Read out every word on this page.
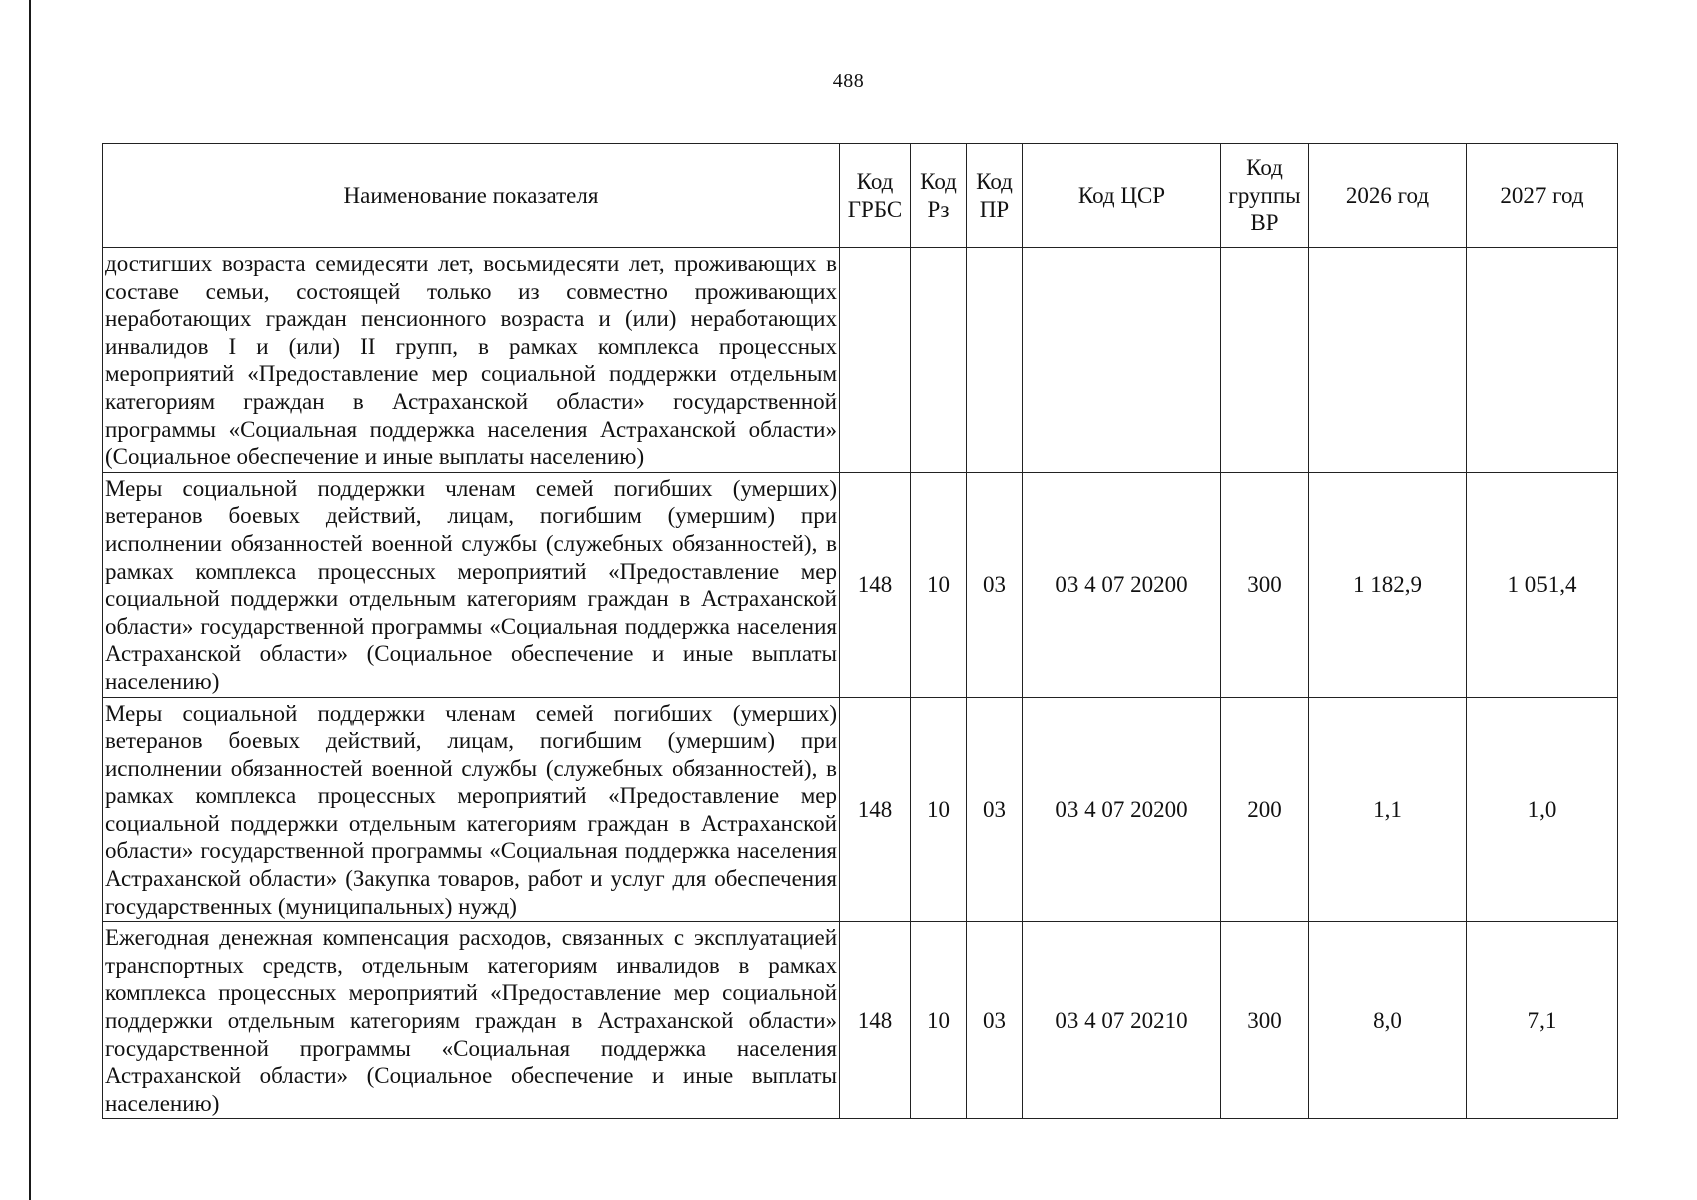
488
Наименование показателя	Код ГРБС	Код Рз	Код ПР	Код ЦСР	Код группы ВР	2026 год	2027 год
достигших возраста семидесяти лет, восьмидесяти лет, проживающих в составе семьи, состоящей только из совместно проживающих неработающих граждан пенсионного возраста и (или) неработающих инвалидов I и (или) II групп, в рамках комплекса процессных мероприятий «Предоставление мер социальной поддержки отдельным категориям граждан в Астраханской области» государственной программы «Социальная поддержка населения Астраханской области» (Социальное обеспечение и иные выплаты населению)							
Меры социальной поддержки членам семей погибших (умерших) ветеранов боевых действий, лицам, погибшим (умершим) при исполнении обязанностей военной службы (служебных обязанностей), в рамках комплекса процессных мероприятий «Предоставление мер социальной поддержки отдельным категориям граждан в Астраханской области» государственной программы «Социальная поддержка населения Астраханской области» (Социальное обеспечение и иные выплаты населению)	148	10	03	03 4 07 20200	300	1 182,9	1 051,4
Меры социальной поддержки членам семей погибших (умерших) ветеранов боевых действий, лицам, погибшим (умершим) при исполнении обязанностей военной службы (служебных обязанностей), в рамках комплекса процессных мероприятий «Предоставление мер социальной поддержки отдельным категориям граждан в Астраханской области» государственной программы «Социальная поддержка населения Астраханской области» (Закупка товаров, работ и услуг для обеспечения государственных (муниципальных) нужд)	148	10	03	03 4 07 20200	200	1,1	1,0
Ежегодная денежная компенсация расходов, связанных с эксплуатацией транспортных средств, отдельным категориям инвалидов в рамках комплекса процессных мероприятий «Предоставление мер социальной поддержки отдельным категориям граждан в Астраханской области» государственной программы «Социальная поддержка населения Астраханской области» (Социальное обеспечение и иные выплаты населению)	148	10	03	03 4 07 20210	300	8,0	7,1
